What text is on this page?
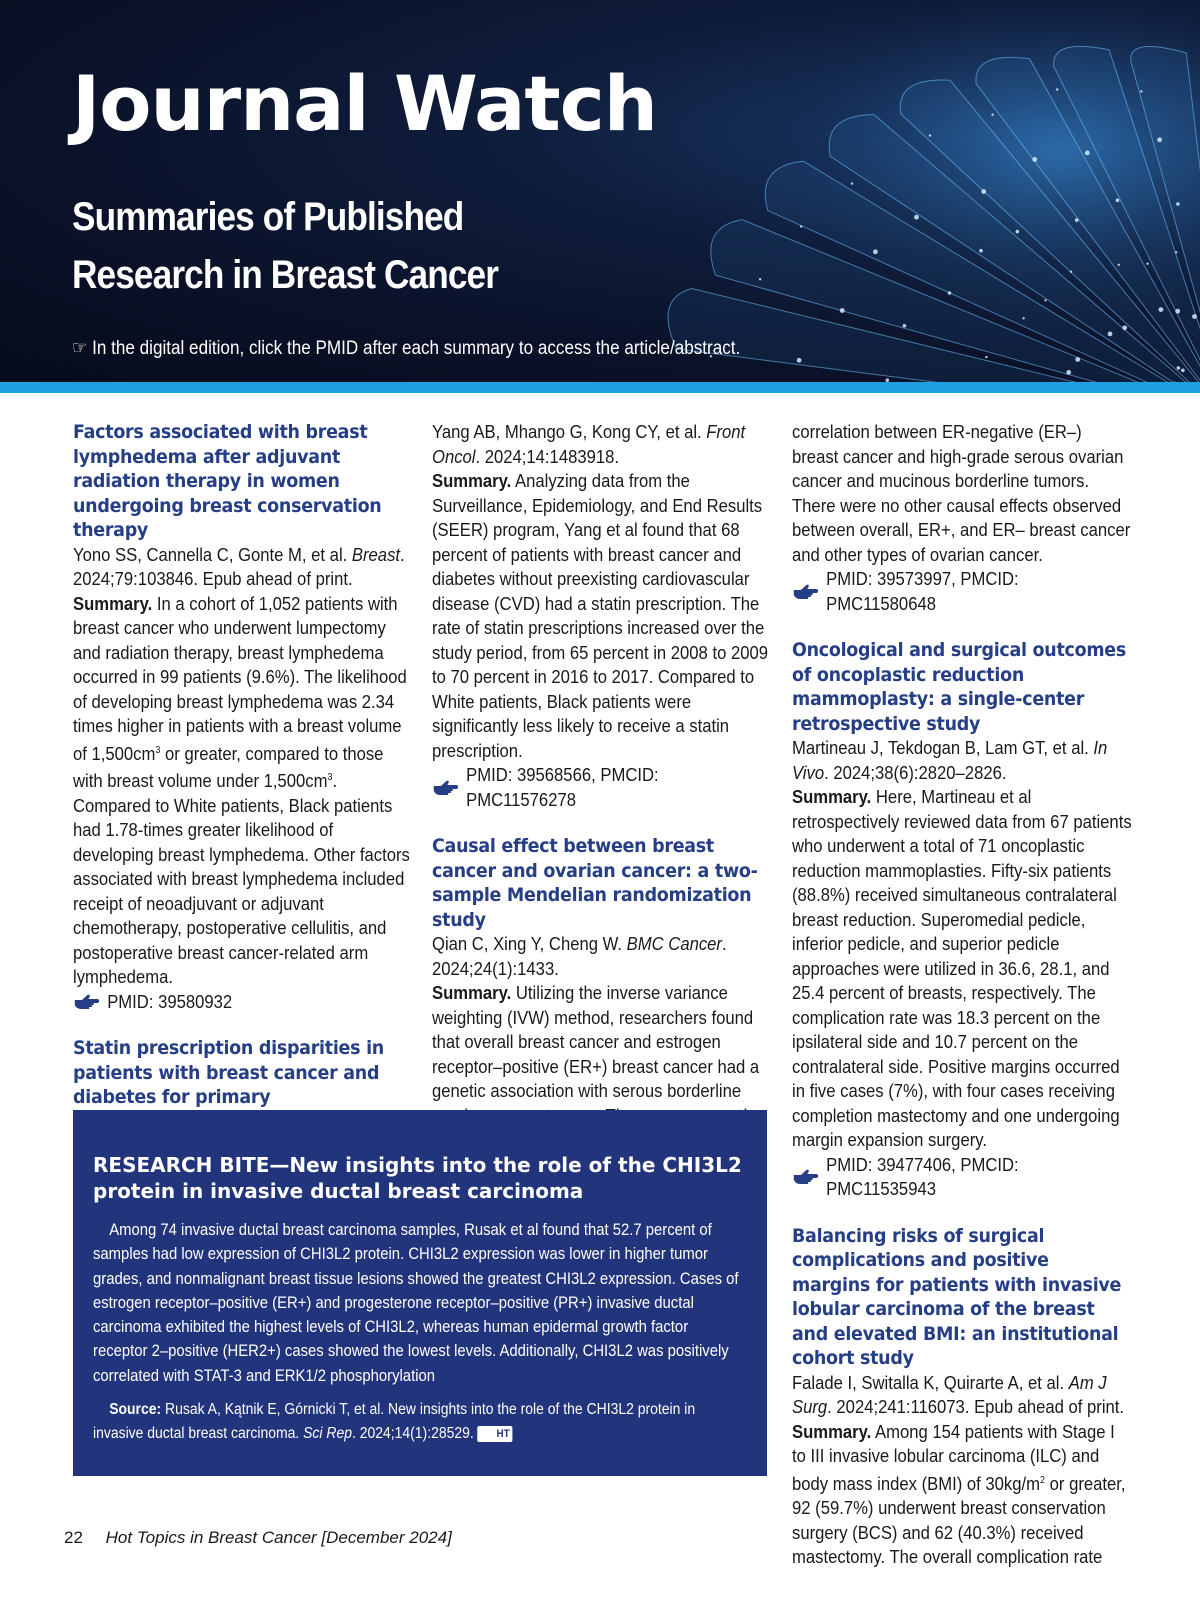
Journal Watch
Summaries of Published Research in Breast Cancer
☞ In the digital edition, click the PMID after each summary to access the article/abstract.
Factors associated with breast lymphedema after adjuvant radiation therapy in women undergoing breast conservation therapy

Yono SS, Cannella C, Gonte M, et al. Breast. 2024;79:103846. Epub ahead of print.

Summary. In a cohort of 1,052 patients with breast cancer who underwent lumpectomy and radiation therapy, breast lymphedema occurred in 99 patients (9.6%). The likelihood of developing breast lymphedema was 2.34 times higher in patients with a breast volume of $1,500cm^3$ or greater, compared to those with breast volume under $1,500cm^3$. Compared to White patients, Black patients had 1.78-times greater likelihood of developing breast lymphedema. Other factors associated with breast lymphedema included receipt of neoadjuvant or adjuvant chemotherapy, postoperative cellulitis, and postoperative breast cancer-related arm lymphedema.

PMID: 39580932
Statin prescription disparities in patients with breast cancer and diabetes for primary

Yang AB, Mhango G, Kong CY, et al. Front Oncol. 2024;14:1483918.

Summary. Analyzing data from the Surveillance, Epidemiology, and End Results (SEER) program, Yang et al found that 68 percent of patients with breast cancer and diabetes without preexisting cardiovascular disease (CVD) had a statin prescription. The rate of statin prescriptions increased over the study period, from 65 percent in 2008 to 2009 to 70 percent in 2016 to 2017. Compared to White patients, Black patients were significantly less likely to receive a statin prescription.

PMID: 39568566, PMCID: PMC11576278
Causal effect between breast cancer and ovarian cancer: a two-sample Mendelian randomization study

Qian C, Xing Y, Cheng W. BMC Cancer. 2024;24(1):1433.

Summary. Utilizing the inverse variance weighting (IVW) method, researchers found that overall breast cancer and estrogen receptor–positive (ER+) breast cancer had a genetic association with serous borderline

correlation between ER-negative (ER–) breast cancer and high-grade serous ovarian cancer and mucinous borderline tumors. There were no other causal effects observed between overall, ER+, and ER– breast cancer and other types of ovarian cancer.

PMID: 39573997, PMCID: PMC11580648
Oncological and surgical outcomes of oncoplastic reduction mammoplasty: a single-center retrospective study

Martineau J, Tekdogan B, Lam GT, et al. In Vivo. 2024;38(6):2820–2826.

Summary. Here, Martineau et al retrospectively reviewed data from 67 patients who underwent a total of 71 oncoplastic reduction mammoplasties. Fifty-six patients (88.8%) received simultaneous contralateral breast reduction. Superomedial pedicle, inferior pedicle, and superior pedicle approaches were utilized in 36.6, 28.1, and 25.4 percent of breasts, respectively. The complication rate was 18.3 percent on the ipsilateral side and 10.7 percent on the contralateral side. Positive margins occurred in five cases (7%), with four cases receiving completion mastectomy and one undergoing margin expansion surgery.

PMID: 39477406, PMCID: PMC11535943
Balancing risks of surgical complications and positive margins for patients with invasive lobular carcinoma of the breast and elevated BMI: an institutional cohort study

Falade I, Switalla K, Quirarte A, et al. Am J Surg. 2024;241:116073. Epub ahead of print.

Summary. Among 154 patients with Stage I to III invasive lobular carcinoma (ILC) and body mass index (BMI) of $30kg/m^2$ or greater, 92 (59.7%) underwent breast conservation surgery (BCS) and 62 (40.3%) received mastectomy. The overall complication rate

RESEARCH BITE—New insights into the role of the CHI3L2 protein in invasive ductal breast carcinoma

Among 74 invasive ductal breast carcinoma samples, Rusak et al found that 52.7 percent of samples had low expression of CHI3L2 protein. CHI3L2 expression was lower in higher tumor grades, and nonmalignant breast tissue lesions showed the greatest CHI3L2 expression. Cases of estrogen receptor–positive (ER+) and progesterone receptor–positive (PR+) invasive ductal carcinoma exhibited the highest levels of CHI3L2, whereas human epidermal growth factor receptor 2–positive (HER2+) cases showed the lowest levels. Additionally, CHI3L2 was positively correlated with STAT-3 and ERK1/2 phosphorylation

Source: Rusak A, Kątnik E, Górnicki T, et al. New insights into the role of the CHI3L2 protein in invasive ductal breast carcinoma. Sci Rep. 2024;14(1):28529. HT

22 Hot Topics in Breast Cancer [December 2024]
